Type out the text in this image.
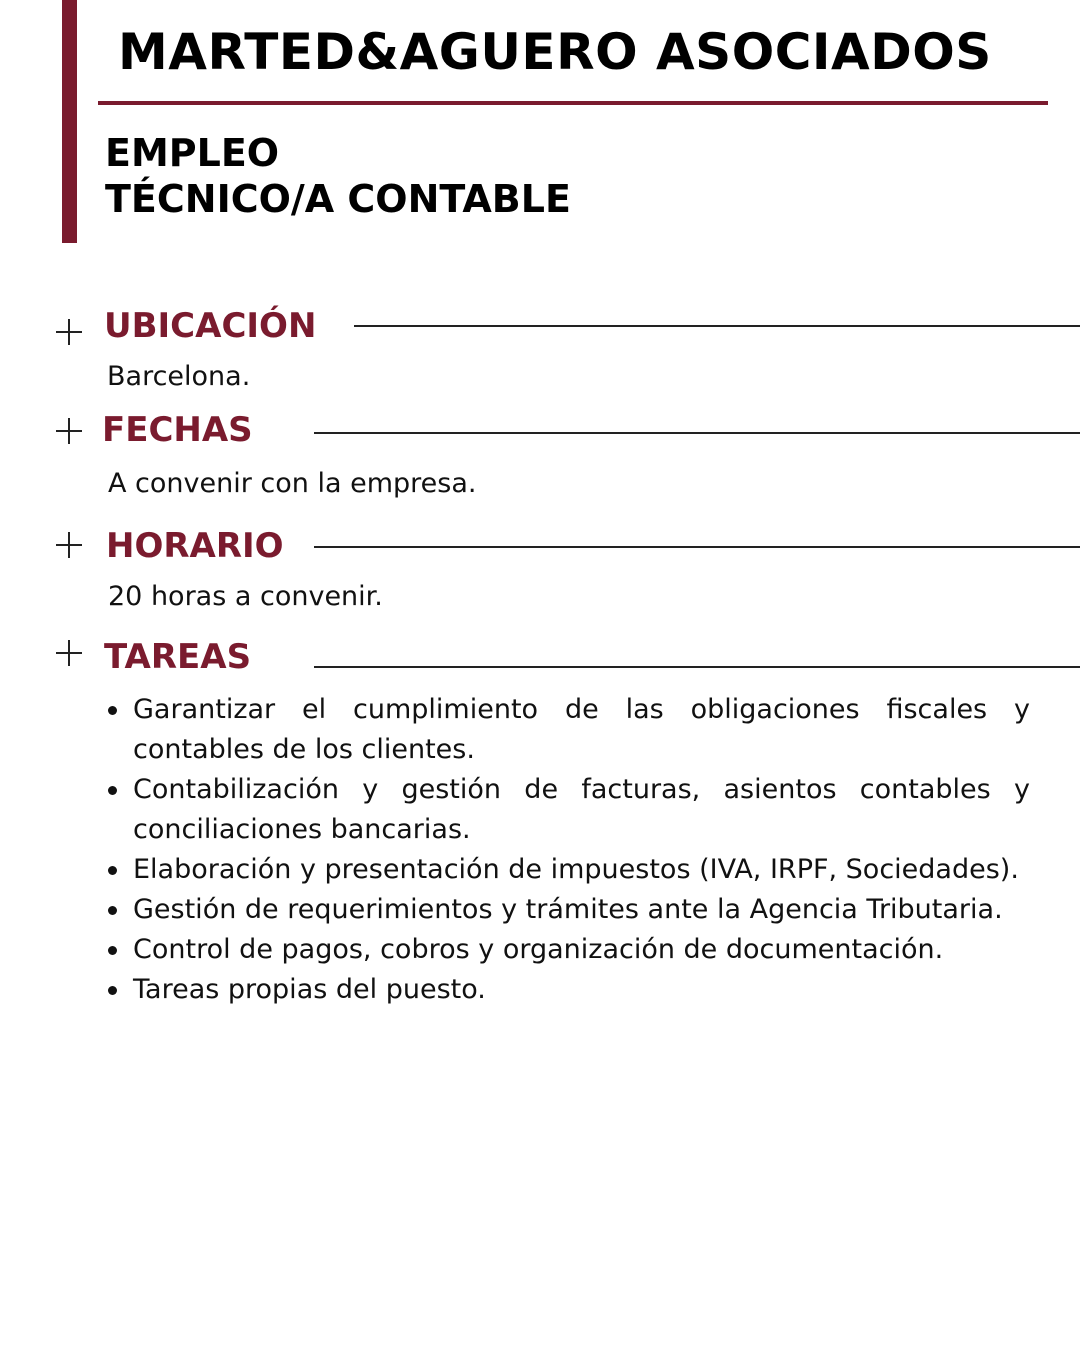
MARTED&AGUERO ASOCIADOS
EMPLEO
TÉCNICO/A CONTABLE
UBICACIÓN
Barcelona.
FECHAS
A convenir con la empresa.
HORARIO
20 horas a convenir.
TAREAS
Garantizar el cumplimiento de las obligaciones fiscales y contables de los clientes.
Contabilización y gestión de facturas, asientos contables y conciliaciones bancarias.
Elaboración y presentación de impuestos (IVA, IRPF, Sociedades).
Gestión de requerimientos y trámites ante la Agencia Tributaria.
Control de pagos, cobros y organización de documentación.
Tareas propias del puesto.
